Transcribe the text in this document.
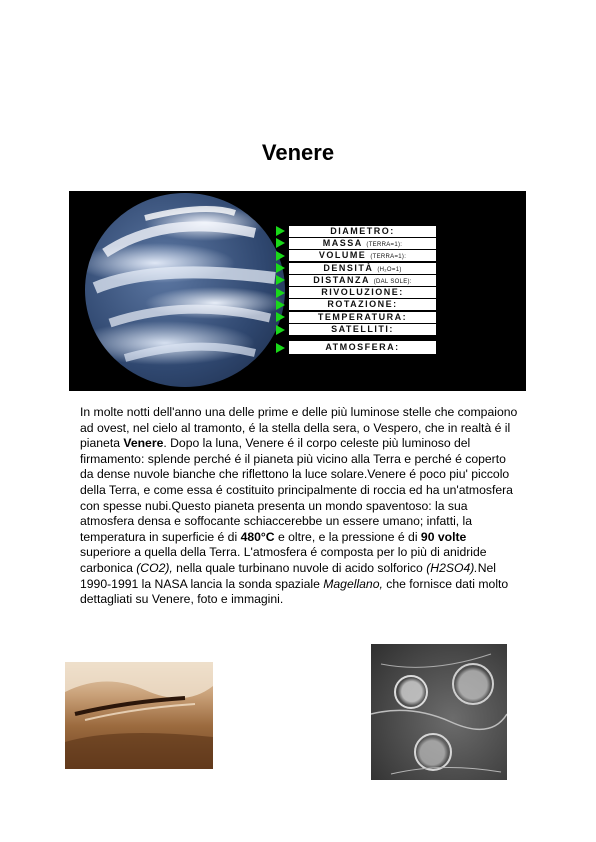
Venere
DIAMETRO:
MASSA (TERRA=1):
VOLUME (TERRA=1):
DENSITÀ (H₂O=1)
DISTANZA (DAL SOLE):
RIVOLUZIONE:
ROTAZIONE:
TEMPERATURA:
SATELLITI:
ATMOSFERA:
In molte notti dell'anno una delle prime e delle più luminose stelle che compaiono ad ovest, nel cielo al tramonto, é la stella della sera, o Vespero, che in realtà é il pianeta Venere. Dopo la luna, Venere é il corpo celeste più luminoso del firmamento: splende perché é il pianeta più vicino alla Terra e perché é coperto da dense nuvole bianche che riflettono la luce solare.Venere é poco piu' piccolo della Terra, e come essa é costituito principalmente di roccia ed ha un'atmosfera con spesse nubi.Questo pianeta presenta un mondo spaventoso: la sua atmosfera densa e soffocante schiaccerebbe un essere umano; infatti, la temperatura in superficie é di 480°C e oltre, e la pressione é di 90 volte superiore a quella della Terra. L'atmosfera é composta per lo più di anidride carbonica (CO2), nella quale turbinano nuvole di acido solforico (H2SO4).Nel 1990-1991 la NASA lancia la sonda spaziale Magellano, che fornisce dati molto dettagliati su Venere, foto e immagini.
